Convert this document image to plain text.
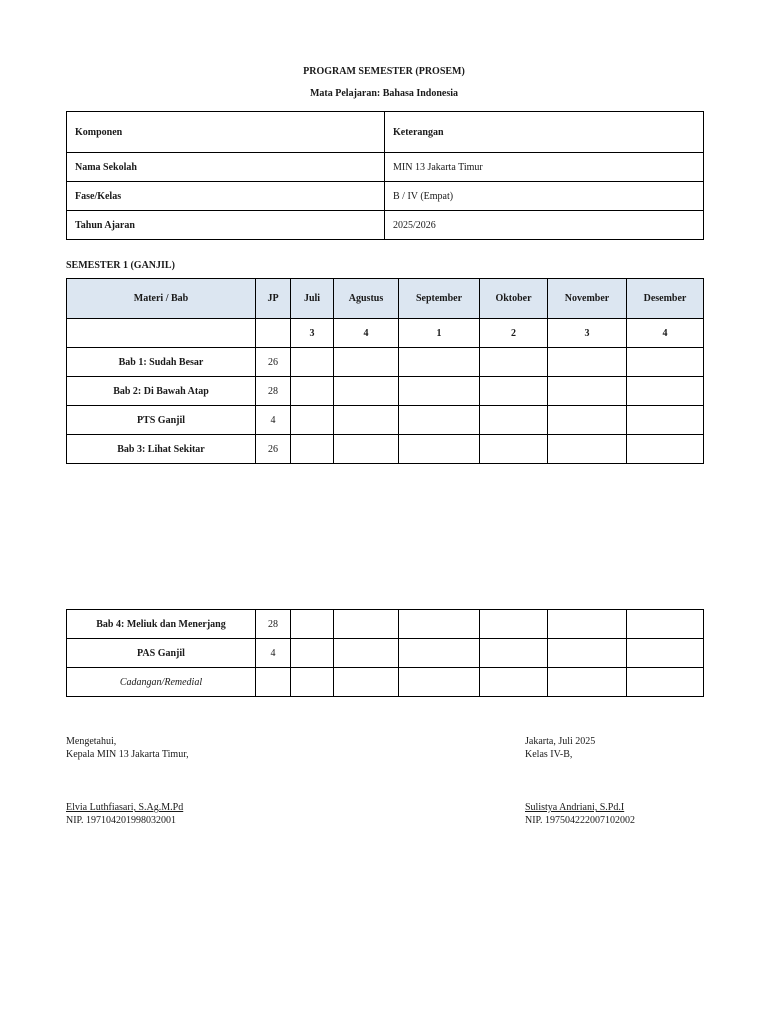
PROGRAM SEMESTER (PROSEM)
Mata Pelajaran: Bahasa Indonesia
Komponen	Keterangan
Nama Sekolah	MIN 13 Jakarta Timur
Fase/Kelas	B / IV (Empat)
Tahun Ajaran	2025/2026
SEMESTER 1 (GANJIL)
Materi / Bab	JP	Juli	Agustus	September	Oktober	November	Desember
		3	4	1	2	3	4
Bab 1: Sudah Besar	26						
Bab 2: Di Bawah Atap	28						
PTS Ganjil	4						
Bab 3: Lihat Sekitar	26						
Bab 4: Meliuk dan Menerjang	28						
PAS Ganjil	4						
Cadangan/Remedial							
Mengetahui,
Kepala MIN 13 Jakarta Timur,
Elvia Luthfiasari, S.Ag.M.Pd
NIP. 197104201998032001
Jakarta, Juli 2025
Kelas IV-B,
Sulistya Andriani, S.Pd.I
NIP. 197504222007102002
